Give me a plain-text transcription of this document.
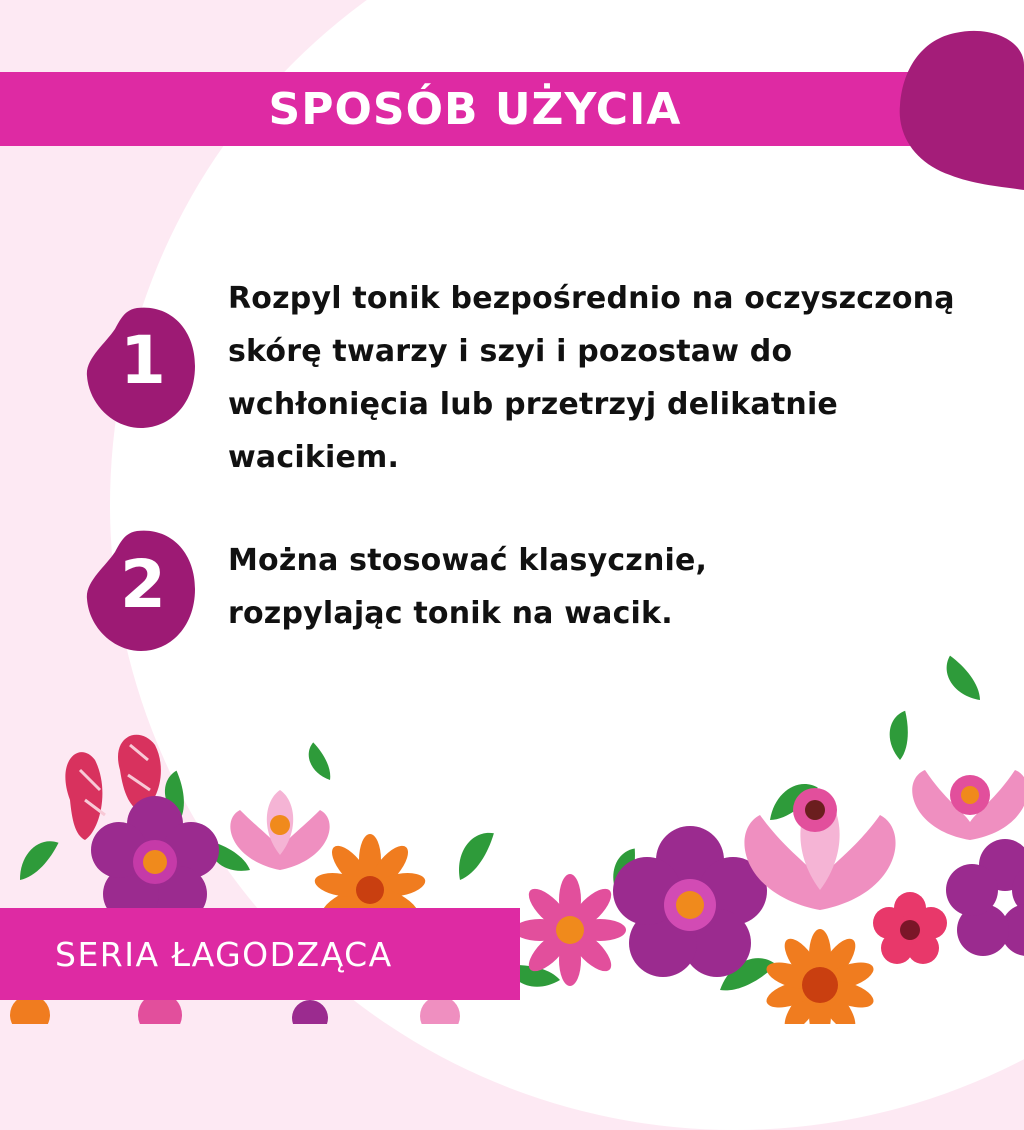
SPOSÓB UŻYCIA
1
Rozpyl tonik bezpośrednio na oczyszczoną
skórę twarzy i szyi i pozostaw do
wchłonięcia lub przetrzyj delikatnie
wacikiem.
2	Można stosować klasycznie,
rozpylając tonik na wacik.
SERIA ŁAGODZĄCA
